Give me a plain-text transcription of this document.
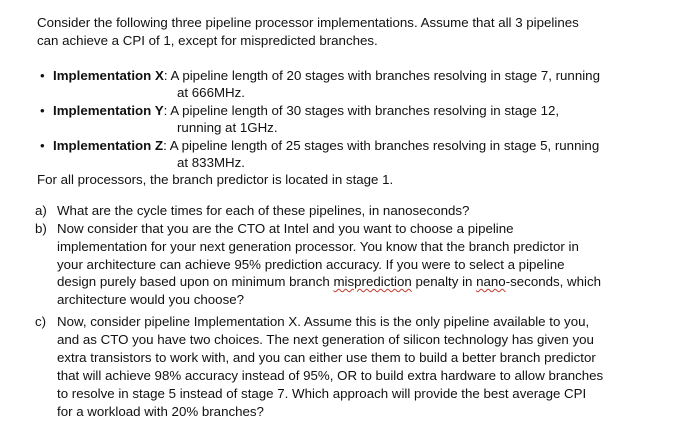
Consider the following three pipeline processor implementations. Assume that all 3 pipelines
can achieve a CPI of 1, except for mispredicted branches.
• Implementation X: A pipeline length of 20 stages with branches resolving in stage 7, running
at 666MHz.
• Implementation Y: A pipeline length of 30 stages with branches resolving in stage 12,
running at 1GHz.
• Implementation Z: A pipeline length of 25 stages with branches resolving in stage 5, running
at 833MHz.
For all processors, the branch predictor is located in stage 1.
a) What are the cycle times for each of these pipelines, in nanoseconds?
b) Now consider that you are the CTO at Intel and you want to choose a pipeline
implementation for your next generation processor. You know that the branch predictor in
your architecture can achieve 95% prediction accuracy. If you were to select a pipeline
design purely based upon on minimum branch misprediction penalty in nano-seconds, which
architecture would you choose?
c) Now, consider pipeline Implementation X. Assume this is the only pipeline available to you,
and as CTO you have two choices. The next generation of silicon technology has given you
extra transistors to work with, and you can either use them to build a better branch predictor
that will achieve 98% accuracy instead of 95%, OR to build extra hardware to allow branches
to resolve in stage 5 instead of stage 7. Which approach will provide the best average CPI
for a workload with 20% branches?
